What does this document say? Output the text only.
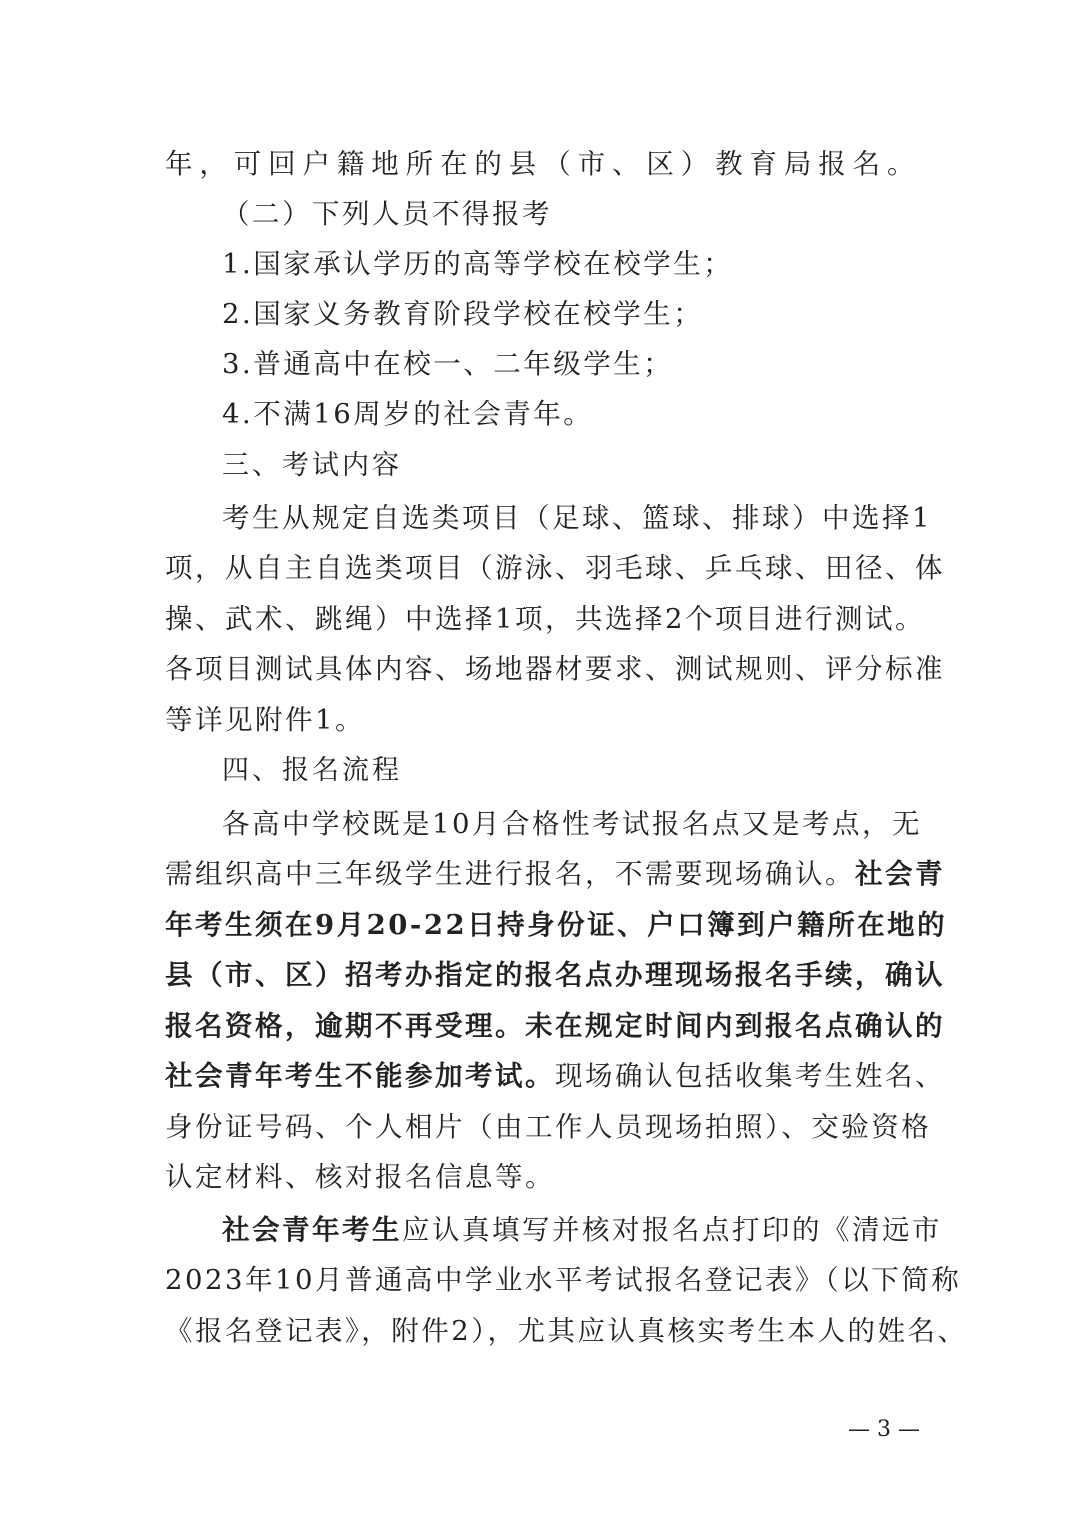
年，可回户籍地所在的县（市、区）教育局报名。
（二）下列人员不得报考
1.国家承认学历的高等学校在校学生；
2.国家义务教育阶段学校在校学生；
3.普通高中在校一、二年级学生；
4.不满16周岁的社会青年。
三、考试内容
考生从规定自选类项目（足球、篮球、排球）中选择1
项，从自主自选类项目（游泳、羽毛球、乒乓球、田径、体
操、武术、跳绳）中选择1项，共选择2个项目进行测试。
各项目测试具体内容、场地器材要求、测试规则、评分标准
等详见附件1。
四、报名流程
各高中学校既是10月合格性考试报名点又是考点，无
需组织高中三年级学生进行报名，不需要现场确认。社会青
年考生须在9月20-22日持身份证、户口簿到户籍所在地的
县（市、区）招考办指定的报名点办理现场报名手续，确认
报名资格，逾期不再受理。未在规定时间内到报名点确认的
社会青年考生不能参加考试。现场确认包括收集考生姓名、
身份证号码、个人相片（由工作人员现场拍照）、交验资格
认定材料、核对报名信息等。
社会青年考生应认真填写并核对报名点打印的《清远市
2023年10月普通高中学业水平考试报名登记表》（以下简称
《报名登记表》，附件2），尤其应认真核实考生本人的姓名、
— 3 —
